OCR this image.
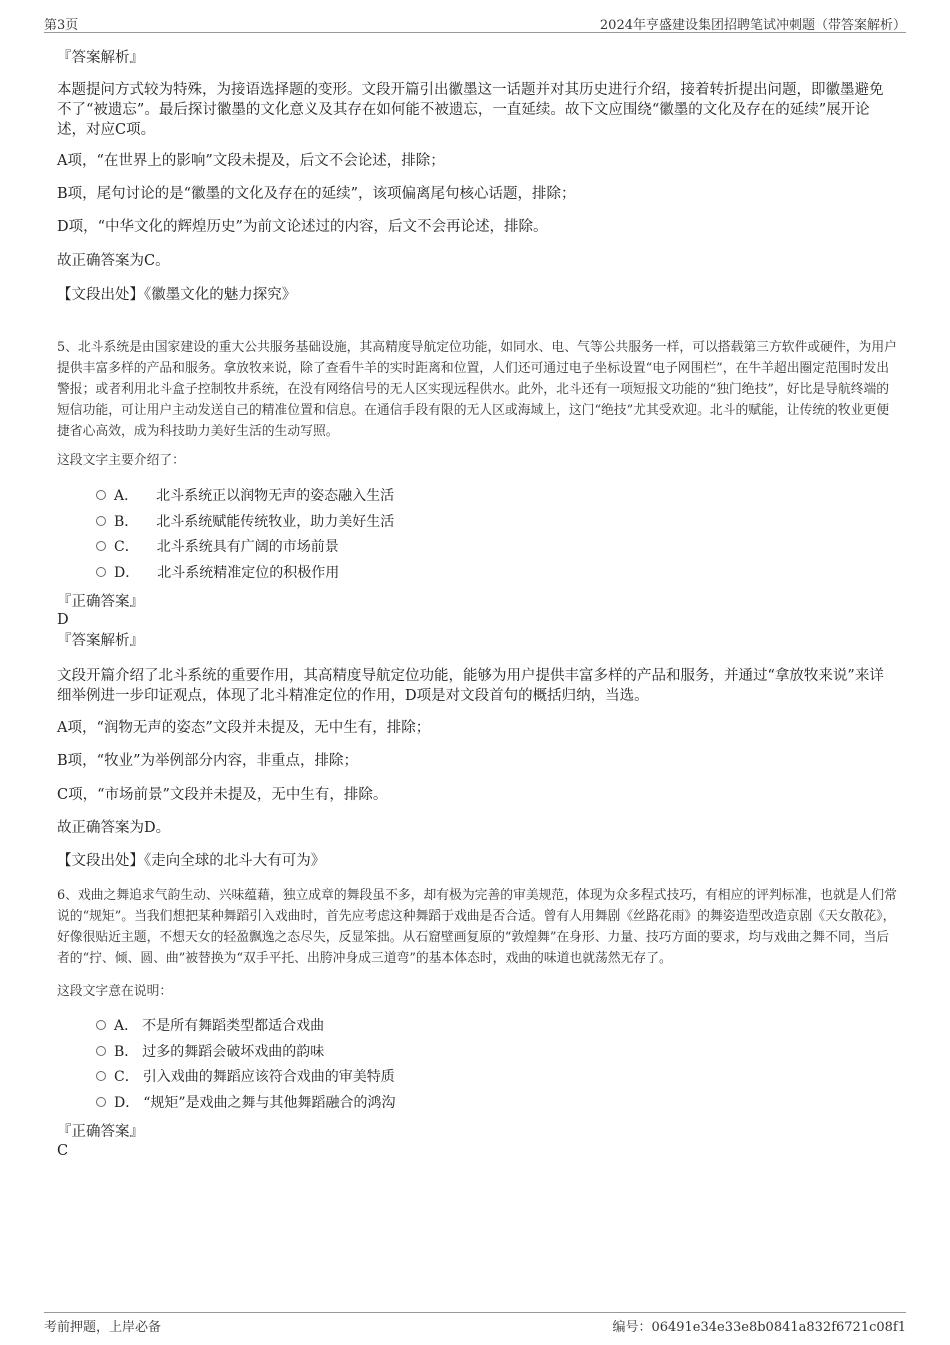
第3页	2024年亨盛建设集团招聘笔试冲刺题（带答案解析）
『答案解析』
本题提问方式较为特殊，为接语选择题的变形。文段开篇引出徽墨这一话题并对其历史进行介绍，接着转折提出问题，即徽墨避免不了“被遗忘”。最后探讨徽墨的文化意义及其存在如何能不被遗忘，一直延续。故下文应围绕“徽墨的文化及存在的延续”展开论述，对应C项。
A项，“在世界上的影响”文段未提及，后文不会论述，排除；
B项，尾句讨论的是“徽墨的文化及存在的延续”，该项偏离尾句核心话题，排除；
D项，“中华文化的辉煌历史”为前文论述过的内容，后文不会再论述，排除。
故正确答案为C。
【文段出处】《徽墨文化的魅力探究》
5、北斗系统是由国家建设的重大公共服务基础设施，其高精度导航定位功能，如同水、电、气等公共服务一样，可以搭载第三方软件或硬件，为用户提供丰富多样的产品和服务。拿放牧来说，除了查看牛羊的实时距离和位置，人们还可通过电子坐标设置“电子网围栏”，在牛羊超出圈定范围时发出警报；或者利用北斗盒子控制牧井系统，在没有网络信号的无人区实现远程供水。此外，北斗还有一项短报文功能的“独门绝技”，好比是导航终端的短信功能，可让用户主动发送自己的精准位置和信息。在通信手段有限的无人区或海域上，这门“绝技”尤其受欢迎。北斗的赋能，让传统的牧业更便捷省心高效，成为科技助力美好生活的生动写照。
这段文字主要介绍了：
A． 北斗系统正以润物无声的姿态融入生活
B． 北斗系统赋能传统牧业，助力美好生活
C． 北斗系统具有广阔的市场前景
D． 北斗系统精准定位的积极作用
『正确答案』
D
『答案解析』
文段开篇介绍了北斗系统的重要作用，其高精度导航定位功能，能够为用户提供丰富多样的产品和服务，并通过“拿放牧来说”来详细举例进一步印证观点，体现了北斗精准定位的作用，D项是对文段首句的概括归纳，当选。
A项，“润物无声的姿态”文段并未提及，无中生有，排除；
B项，“牧业”为举例部分内容，非重点，排除；
C项，“市场前景”文段并未提及，无中生有，排除。
故正确答案为D。
【文段出处】《走向全球的北斗大有可为》
6、戏曲之舞追求气韵生动、兴味蕴藉，独立成章的舞段虽不多，却有极为完善的审美规范，体现为众多程式技巧，有相应的评判标准，也就是人们常说的“规矩”。当我们想把某种舞蹈引入戏曲时，首先应考虑这种舞蹈于戏曲是否合适。曾有人用舞剧《丝路花雨》的舞姿造型改造京剧《天女散花》，好像很贴近主题，不想天女的轻盈飘逸之态尽失，反显笨拙。从石窟壁画复原的“敦煌舞”在身形、力量、技巧方面的要求，均与戏曲之舞不同，当后者的“拧、倾、圆、曲”被替换为“双手平托、出胯冲身成三道弯”的基本体态时，戏曲的味道也就荡然无存了。
这段文字意在说明：
A． 不是所有舞蹈类型都适合戏曲
B． 过多的舞蹈会破坏戏曲的韵味
C． 引入戏曲的舞蹈应该符合戏曲的审美特质
D． “规矩”是戏曲之舞与其他舞蹈融合的鸿沟
『正确答案』
C
考前押题，上岸必备	编号：06491e34e33e8b0841a832f6721c08f1
